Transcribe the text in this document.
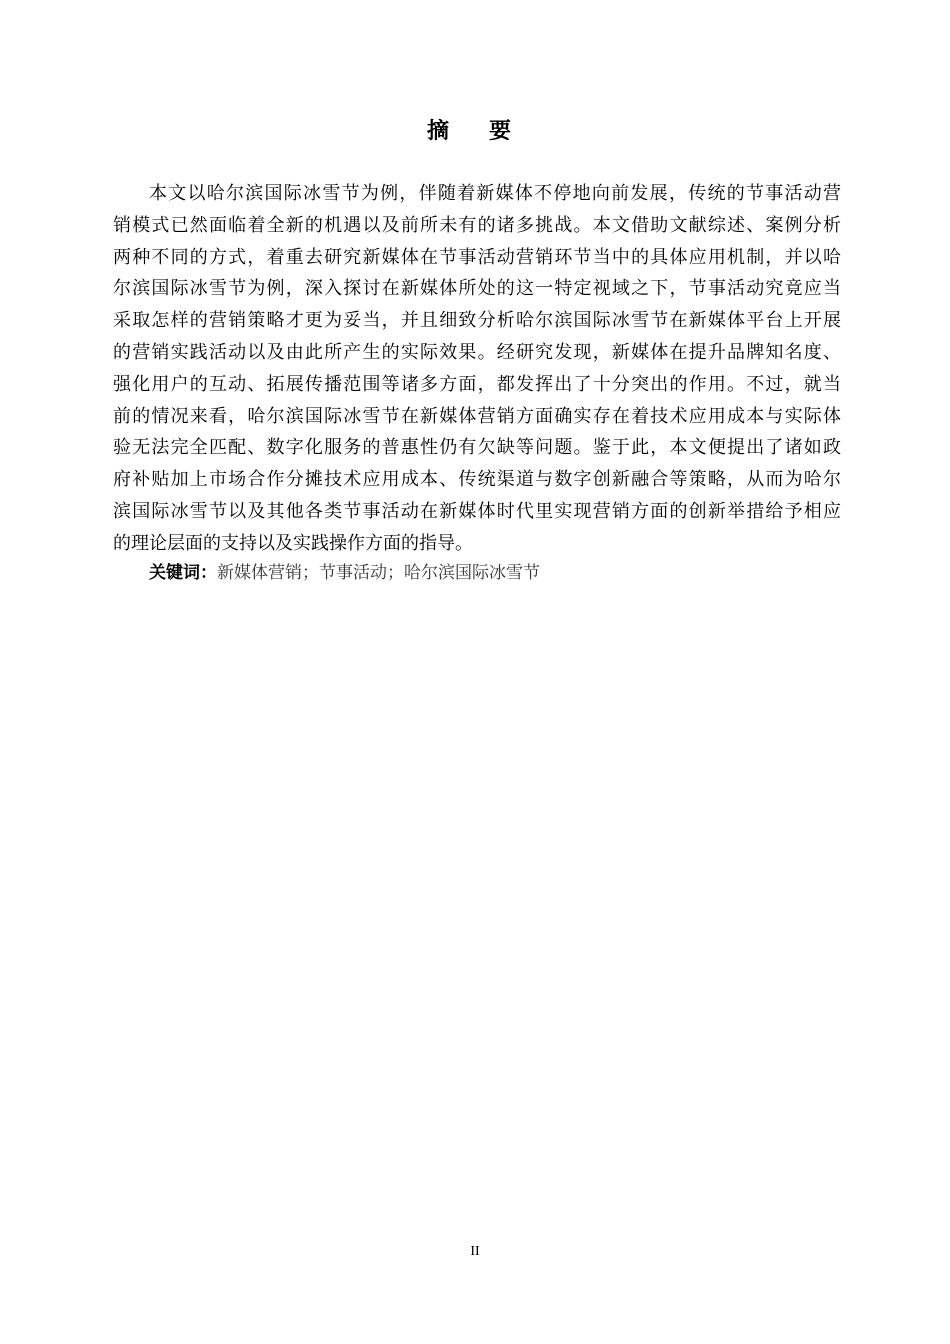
摘要
本文以哈尔滨国际冰雪节为例，伴随着新媒体不停地向前发展，传统的节事活动营
销模式已然面临着全新的机遇以及前所未有的诸多挑战。本文借助文献综述、案例分析
两种不同的方式，着重去研究新媒体在节事活动营销环节当中的具体应用机制，并以哈
尔滨国际冰雪节为例，深入探讨在新媒体所处的这一特定视域之下，节事活动究竟应当
采取怎样的营销策略才更为妥当，并且细致分析哈尔滨国际冰雪节在新媒体平台上开展
的营销实践活动以及由此所产生的实际效果。经研究发现，新媒体在提升品牌知名度、
强化用户的互动、拓展传播范围等诸多方面，都发挥出了十分突出的作用。不过，就当
前的情况来看，哈尔滨国际冰雪节在新媒体营销方面确实存在着技术应用成本与实际体
验无法完全匹配、数字化服务的普惠性仍有欠缺等问题。鉴于此，本文便提出了诸如政
府补贴加上市场合作分摊技术应用成本、传统渠道与数字创新融合等策略，从而为哈尔
滨国际冰雪节以及其他各类节事活动在新媒体时代里实现营销方面的创新举措给予相应
的理论层面的支持以及实践操作方面的指导。
关键词：新媒体营销；节事活动；哈尔滨国际冰雪节
II
